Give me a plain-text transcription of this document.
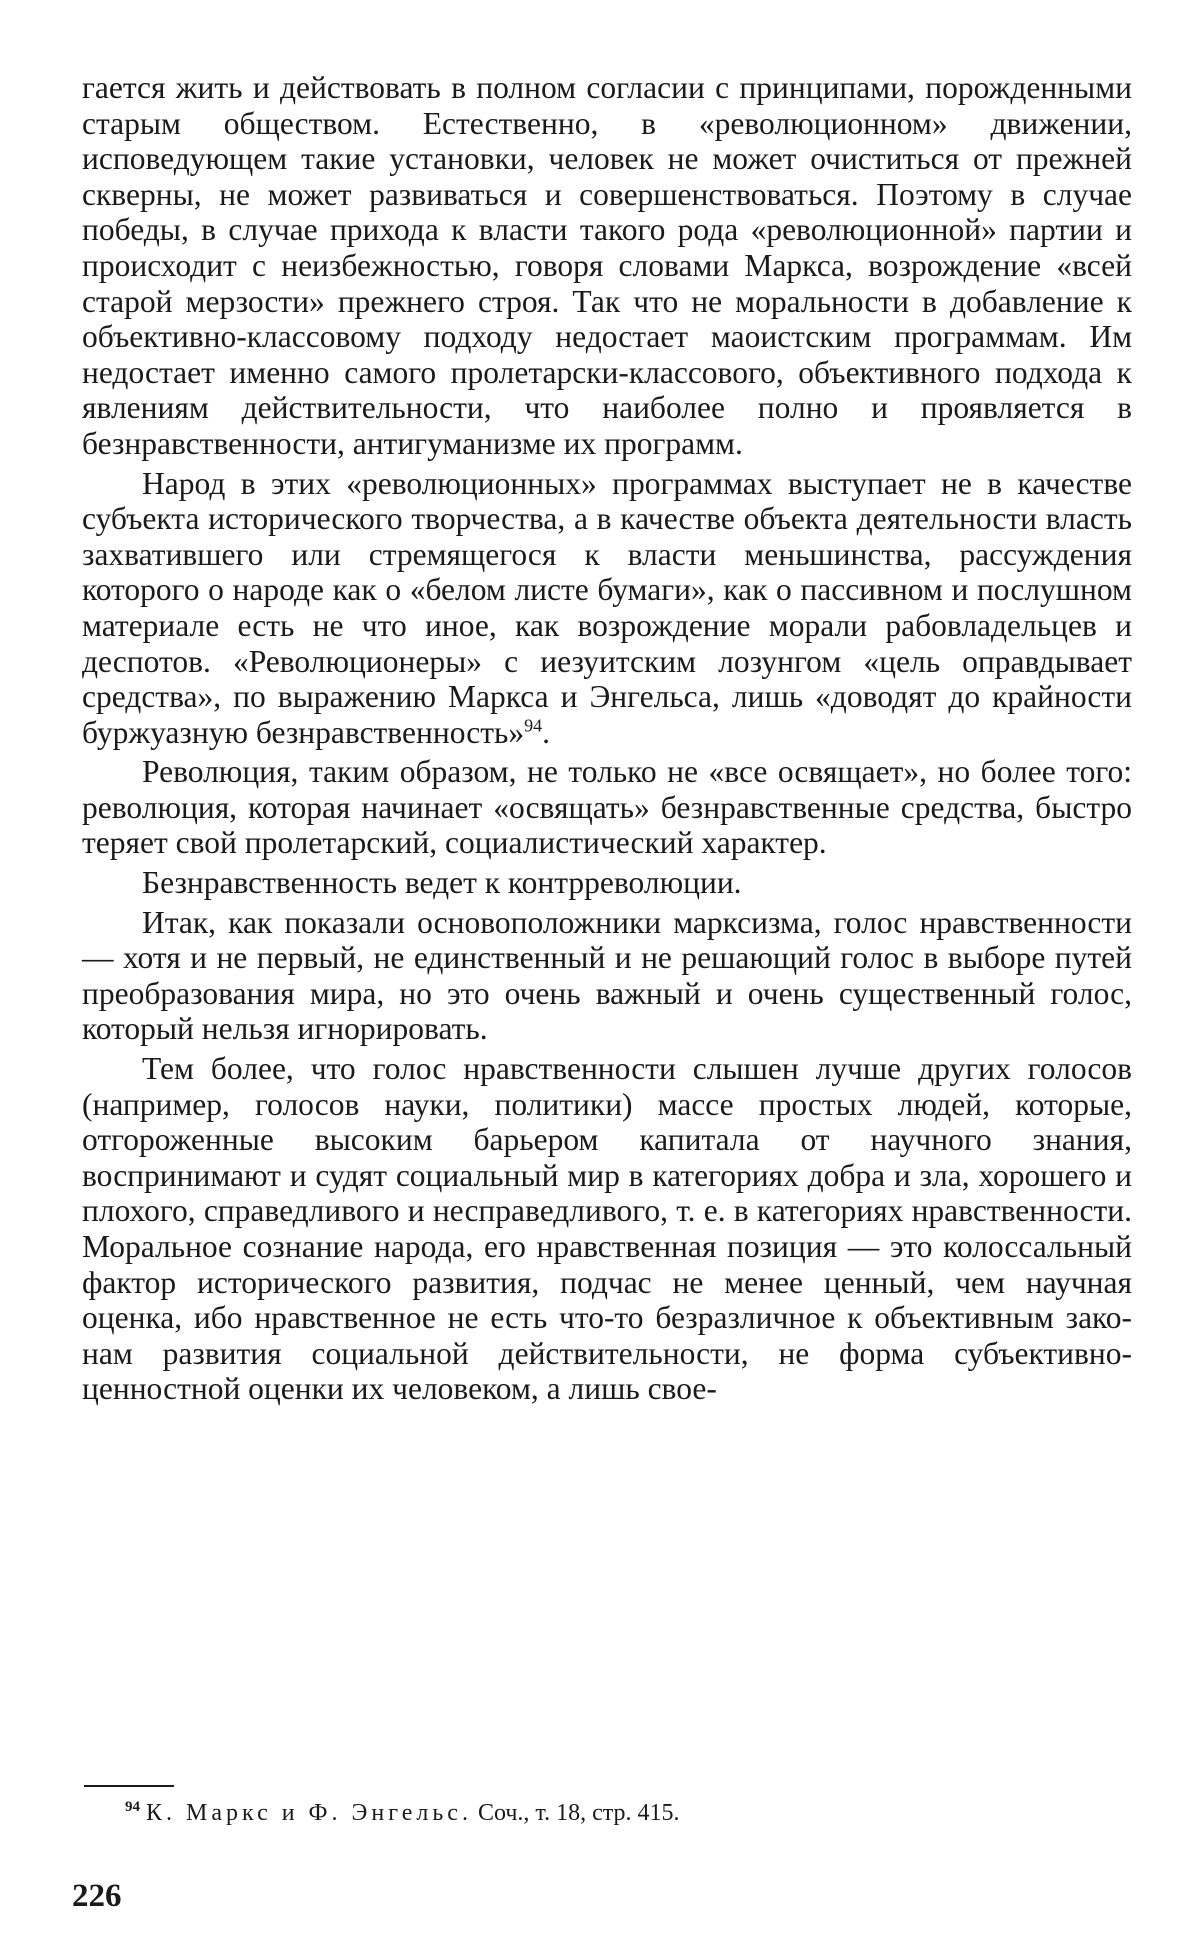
гается жить и действовать в полном согласии с принципами, порожденными старым обществом. Естественно, в «революционном» движении, исповедующем такие установки, человек не может очиститься от прежней скверны, не может развиваться и совершенствоваться. Поэтому в случае победы, в случае прихода к власти такого рода «революционной» партии и происходит с неизбежностью, говоря словами Маркса, возрождение «всей старой мерзости» прежнего строя. Так что не моральности в добавление к объективно-классовому подходу недостает маоистским программам. Им недостает именно самого пролетарски-классового, объективного подхода к явлениям действительности, что наиболее полно и проявляется в безнравственности, антигуманизме их программ.

Народ в этих «революционных» программах выступает не в качестве субъекта исторического творчества, а в качестве объекта деятельности власть захватившего или стремящегося к власти меньшинства, рассуждения которого о народе как о «белом листе бумаги», как о пассивном и послушном материале есть не что иное, как возрождение морали рабовладельцев и деспотов. «Революционеры» с иезуитским лозунгом «цель оправдывает средства», по выражению Маркса и Энгельса, лишь «доводят до крайности буржуазную безнравственность»$^{94}$.

Революция, таким образом, не только не «все освящает», но более того: революция, которая начинает «освящать» безнравственные средства, быстро теряет свой пролетарский, социалистический характер.

Безнравственность ведет к контрреволюции.

Итак, как показали основоположники марксизма, голос нравственности — хотя и не первый, не единственный и не решающий голос в выборе путей преобразования мира, но это очень важный и очень существенный голос, который нельзя игнорировать.

Тем более, что голос нравственности слышен лучше других голосов (например, голосов науки, политики) массе простых людей, которые, отгороженные высоким барьером капитала от научного знания, воспринимают и судят социальный мир в категориях добра и зла, хорошего и плохого, справедливого и несправедливого, т. е. в категориях нравственности. Моральное сознание народа, его нравственная позиция — это колоссальный фактор исторического развития, подчас не менее ценный, чем научная оценка, ибо нравственное не есть что-то безразличное к объективным законам развития социальной действительности, не форма субъективно-ценностной оценки их человеком, а лишь свое-

$^{94}$ К. Маркс и Ф. Энгельс. Соч., т. 18, стр. 415.
226
